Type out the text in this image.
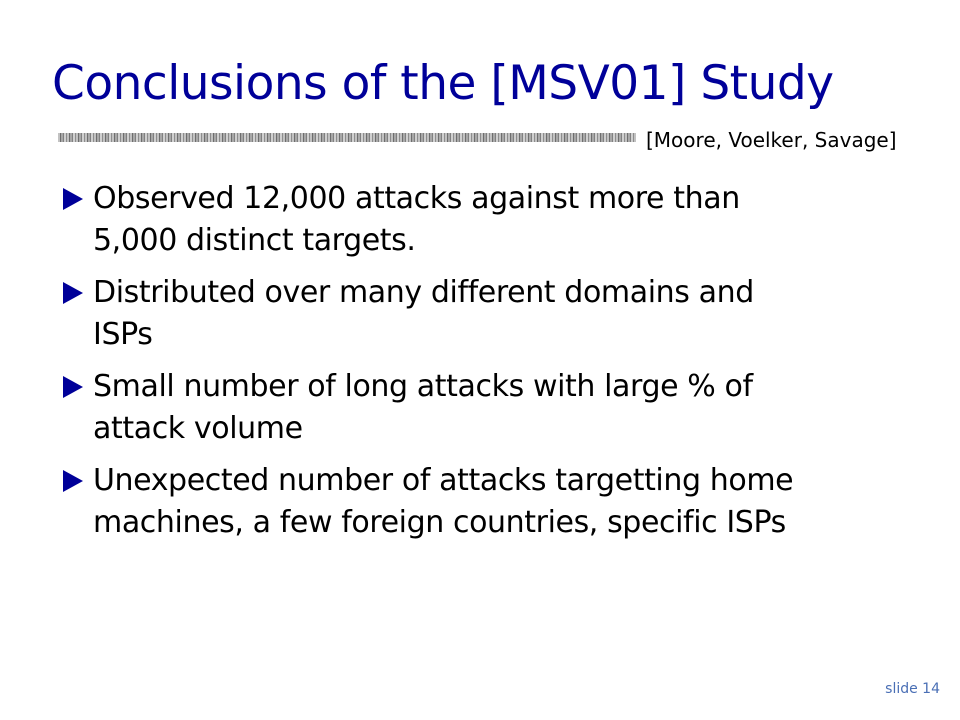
Conclusions of the [MSV01] Study
[Moore, Voelker, Savage]
Observed 12,000 attacks against more than
5,000 distinct targets.
Distributed over many different domains and
ISPs
Small number of long attacks with large % of
attack volume
Unexpected number of attacks targetting home
machines, a few foreign countries, specific ISPs
slide 14
